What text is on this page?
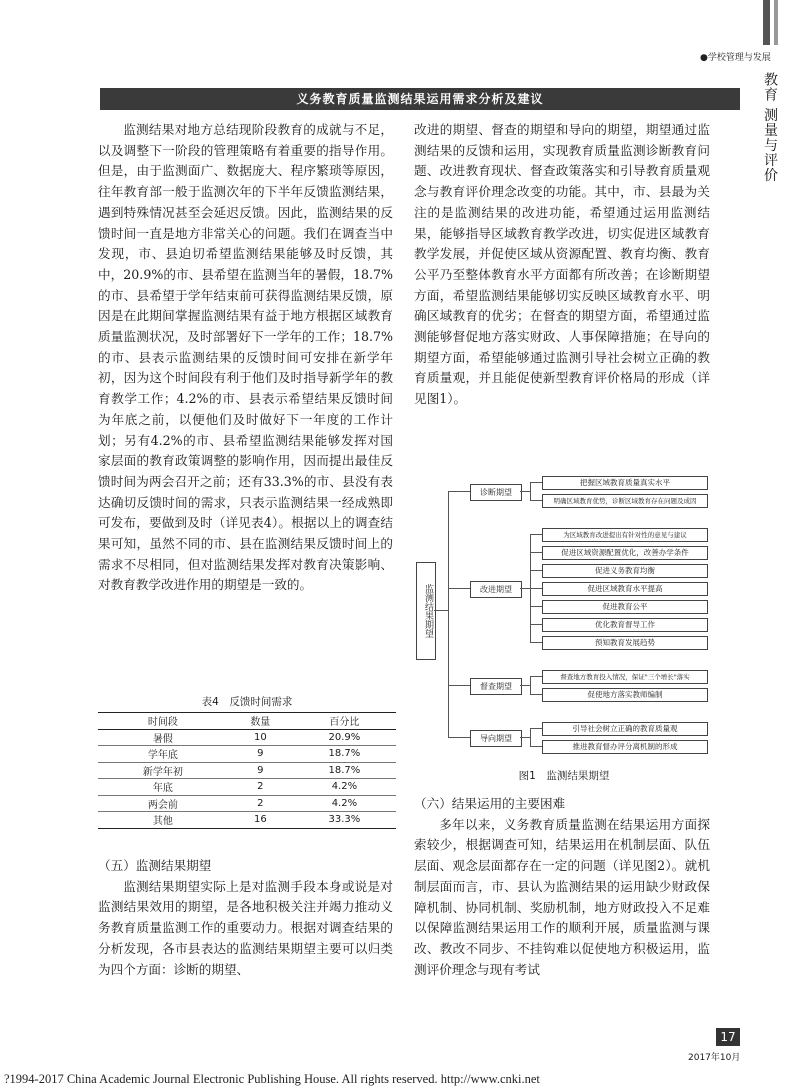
●学校管理与发展
教育 测量与评价
义务教育质量监测结果运用需求分析及建议

监测结果对地方总结现阶段教育的成就与不足，以及调整下一阶段的管理策略有着重要的指导作用。但是，由于监测面广、数据庞大、程序繁琐等原因，往年教育部一般于监测次年的下半年反馈监测结果，遇到特殊情况甚至会延迟反馈。因此，监测结果的反馈时间一直是地方非常关心的问题。我们在调查当中发现，市、县迫切希望监测结果能够及时反馈，其中，20.9%的市、县希望在监测当年的暑假，18.7%的市、县希望于学年结束前可获得监测结果反馈，原因是在此期间掌握监测结果有益于地方根据区域教育质量监测状况，及时部署好下一学年的工作；18.7%的市、县表示监测结果的反馈时间可安排在新学年初，因为这个时间段有利于他们及时指导新学年的教育教学工作；4.2%的市、县表示希望结果反馈时间为年底之前，以便他们及时做好下一年度的工作计划；另有4.2%的市、县希望监测结果能够发挥对国家层面的教育政策调整的影响作用，因而提出最佳反馈时间为两会召开之前；还有33.3%的市、县没有表达确切反馈时间的需求，只表示监测结果一经成熟即可发布，要做到及时（详见表4）。根据以上的调查结果可知，虽然不同的市、县在监测结果反馈时间上的需求不尽相同，但对监测结果发挥对教育决策影响、对教育教学改进作用的期望是一致的。

表4　反馈时间需求
时间段	数量	百分比
暑假	10	20.9%
学年底	9	18.7%
新学年初	9	18.7%
年底	2	4.2%
两会前	2	4.2%
其他	16	33.3%

（五）监测结果期望

监测结果期望实际上是对监测手段本身或说是对监测结果效用的期望，是各地积极关注并竭力推动义务教育质量监测工作的重要动力。根据对调查结果的分析发现，各市县表达的监测结果期望主要可以归类为四个方面：诊断的期望、

改进的期望、督查的期望和导向的期望，期望通过监测结果的反馈和运用，实现教育质量监测诊断教育问题、改进教育现状、督查政策落实和引导教育质量观念与教育评价理念改变的功能。其中，市、县最为关注的是监测结果的改进功能，希望通过运用监测结果，能够指导区域教育教学改进，切实促进区域教育教学发展，并促使区域从资源配置、教育均衡、教育公平乃至整体教育水平方面都有所改善；在诊断期望方面，希望监测结果能够切实反映区域教育水平、明确区域教育的优劣；在督查的期望方面，希望通过监测能够督促地方落实财政、人事保障措施；在导向的期望方面，希望能够通过监测引导社会树立正确的教育质量观，并且能促使新型教育评价格局的形成（详见图1）。

监测结果期望
把握区域教育质量真实水平
明确区域教育优势，诊断区域教育存在问题及成因
诊断期望
为区域教育改进提出有针对性的意见与建议
促进区域资源配置优化，改善办学条件
促进义务教育均衡
促进区域教育水平提高
促进教育公平
优化教育督导工作
预知教育发展趋势
改进期望
督查地方教育投入情况，保证"三个增长"落实
促使地方落实教师编制
督查期望
引导社会树立正确的教育质量观
推进教育督办评分离机制的形成
导向期望
图1　监测结果期望

（六）结果运用的主要困难

多年以来，义务教育质量监测在结果运用方面探索较少，根据调查可知，结果运用在机制层面、队伍层面、观念层面都存在一定的问题（详见图2）。就机制层面而言，市、县认为监测结果的运用缺少财政保障机制、协同机制、奖励机制，地方财政投入不足难以保障监测结果运用工作的顺利开展，质量监测与课改、教改不同步、不挂钩难以促使地方积极运用，监测评价理念与现有考试

17
2017年10月
?1994-2017 China Academic Journal Electronic Publishing House. All rights reserved. http://www.cnki.net
